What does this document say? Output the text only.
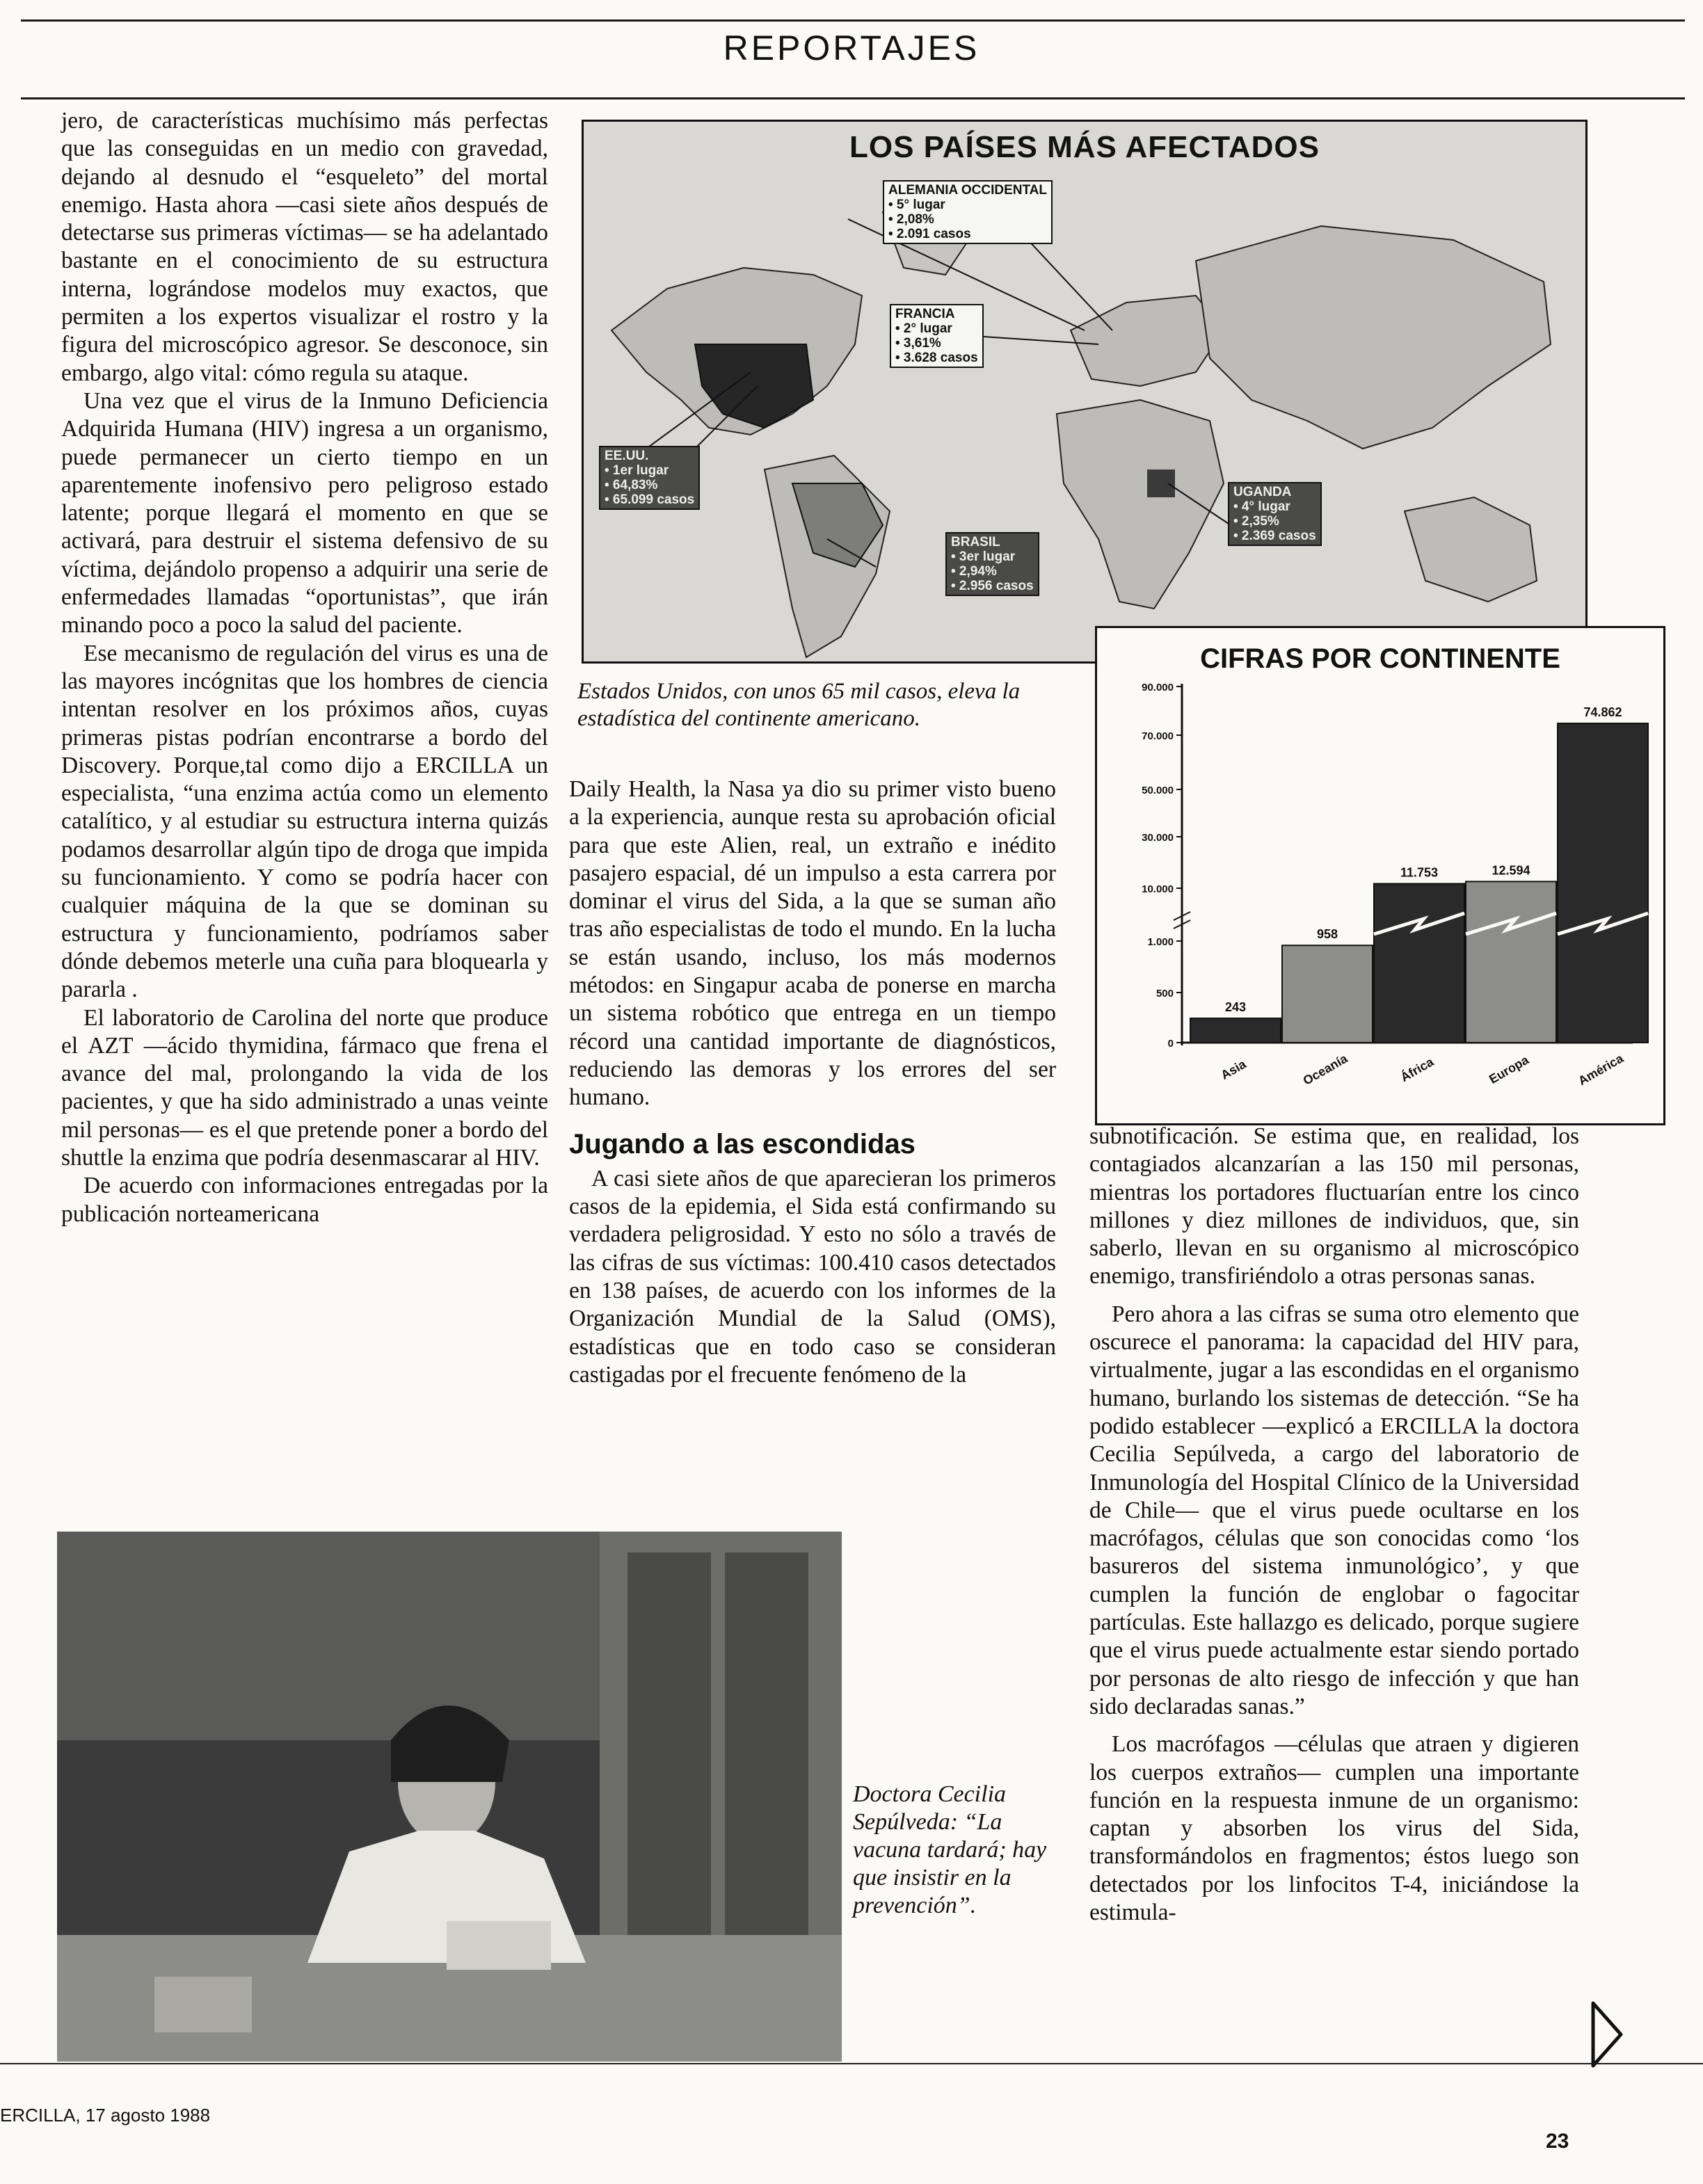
REPORTAJES

jero, de características muchísimo más perfectas que las conseguidas en un medio con gravedad, dejando al desnudo el “esqueleto” del mortal enemigo. Hasta ahora —casi siete años después de detectarse sus primeras víctimas— se ha adelantado bastante en el conocimiento de su estructura interna, lográndose modelos muy exactos, que permiten a los expertos visualizar el rostro y la figura del microscópico agresor. Se desconoce, sin embargo, algo vital: cómo regula su ataque.

Una vez que el virus de la Inmuno Deficiencia Adquirida Humana (HIV) ingresa a un organismo, puede permanecer un cierto tiempo en un aparentemente inofensivo pero peligroso estado latente; porque llegará el momento en que se activará, para destruir el sistema defensivo de su víctima, dejándolo propenso a adquirir una serie de enfermedades llamadas “oportunistas”, que irán minando poco a poco la salud del paciente.

Ese mecanismo de regulación del virus es una de las mayores incógnitas que los hombres de ciencia intentan resolver en los próximos años, cuyas primeras pistas podrían encontrarse a bordo del Discovery. Porque,tal como dijo a ERCILLA un especialista, “una enzima actúa como un elemento catalítico, y al estudiar su estructura interna quizás podamos desarrollar algún tipo de droga que impida su funcionamiento. Y como se podría hacer con cualquier máquina de la que se dominan su estructura y funcionamiento, podríamos saber dónde debemos meterle una cuña para bloquearla y pararla .

El laboratorio de Carolina del norte que produce el AZT —ácido thymidina, fármaco que frena el avance del mal, prolongando la vida de los pacientes, y que ha sido administrado a unas veinte mil personas— es el que pretende poner a bordo del shuttle la enzima que podría desenmascarar al HIV.

De acuerdo con informaciones entregadas por la publicación norteamericana

LOS PAÍSES MÁS AFECTADOS
ALEMANIA OCCIDENTAL
• 5° lugar
• 2,08%
• 2.091 casos
FRANCIA
• 2° lugar
• 3,61%
• 3.628 casos
EE.UU.
• 1er lugar
• 64,83%
• 65.099 casos
UGANDA
• 4° lugar
• 2,35%
• 2.369 casos
BRASIL
• 3er lugar
• 2,94%
• 2.956 casos
Estados Unidos, con unos 65 mil casos, eleva la estadística del continente americano.
CIFRAS POR CONTINENTE
0
500
1.000
10.000
30.000
50.000
70.000
90.000
243
Asia
958
Oceanía
11.753
África
12.594
Europa
74.862
América

Daily Health, la Nasa ya dio su primer visto bueno a la experiencia, aunque resta su aprobación oficial para que este Alien, real, un extraño e inédito pasajero espacial, dé un impulso a esta carrera por dominar el virus del Sida, a la que se suman año tras año especialistas de todo el mundo. En la lucha se están usando, incluso, los más modernos métodos: en Singapur acaba de ponerse en marcha un sistema robótico que entrega en un tiempo récord una cantidad importante de diagnósticos, reduciendo las demoras y los errores del ser humano.

Jugando a las escondidas

A casi siete años de que aparecieran los primeros casos de la epidemia, el Sida está confirmando su verdadera peligrosidad. Y esto no sólo a través de las cifras de sus víctimas: 100.410 casos detectados en 138 países, de acuerdo con los informes de la Organización Mundial de la Salud (OMS), estadísticas que en todo caso se consideran castigadas por el frecuente fenómeno de la

subnotificación. Se estima que, en realidad, los contagiados alcanzarían a las 150 mil personas, mientras los portadores fluctuarían entre los cinco millones y diez millones de individuos, que, sin saberlo, llevan en su organismo al microscópico enemigo, transfiriéndolo a otras personas sanas.

Pero ahora a las cifras se suma otro elemento que oscurece el panorama: la capacidad del HIV para, virtualmente, jugar a las escondidas en el organismo humano, burlando los sistemas de detección. “Se ha podido establecer —explicó a ERCILLA la doctora Cecilia Sepúlveda, a cargo del laboratorio de Inmunología del Hospital Clínico de la Universidad de Chile— que el virus puede ocultarse en los macrófagos, células que son conocidas como ‘los basureros del sistema inmunológico’, y que cumplen la función de englobar o fagocitar partículas. Este hallazgo es delicado, porque sugiere que el virus puede actualmente estar siendo portado por personas de alto riesgo de infección y que han sido declaradas sanas.”

Los macrófagos —células que atraen y digieren los cuerpos extraños— cumplen una importante función en la respuesta inmune de un organismo: captan y absorben los virus del Sida, transformándolos en fragmentos; éstos luego son detectados por los linfocitos T-4, iniciándose la estimula-

Doctora Cecilia Sepúlveda: “La vacuna tardará; hay que insistir en la prevención”.
ERCILLA, 17 agosto 1988
23
